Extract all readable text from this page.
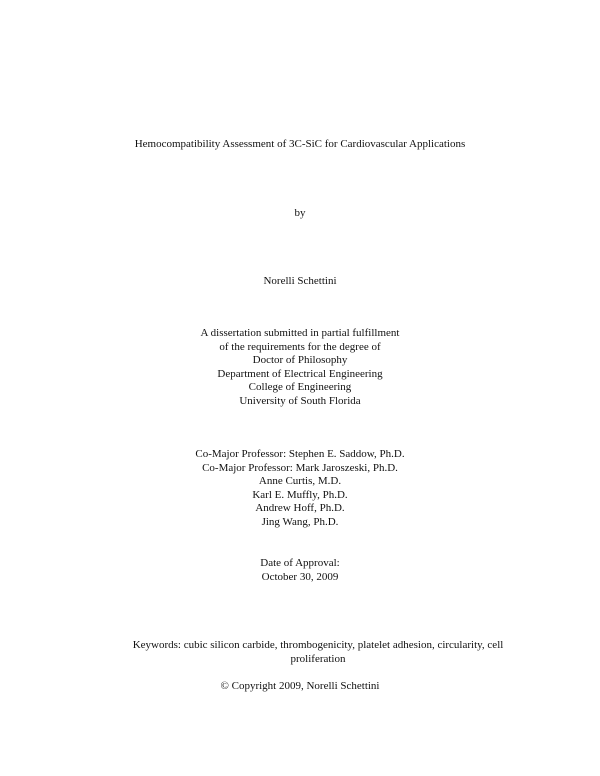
Hemocompatibility Assessment of 3C-SiC for Cardiovascular Applications
by
Norelli Schettini
A dissertation submitted in partial fulfillment
of the requirements for the degree of
Doctor of Philosophy
Department of Electrical Engineering
College of Engineering
University of South Florida
Co-Major Professor: Stephen E. Saddow, Ph.D.
Co-Major Professor: Mark Jaroszeski, Ph.D.
Anne Curtis, M.D.
Karl E. Muffly, Ph.D.
Andrew Hoff, Ph.D.
Jing Wang, Ph.D.
Date of Approval:
October 30, 2009
Keywords: cubic silicon carbide, thrombogenicity, platelet adhesion, circularity, cell proliferation
© Copyright 2009, Norelli Schettini
